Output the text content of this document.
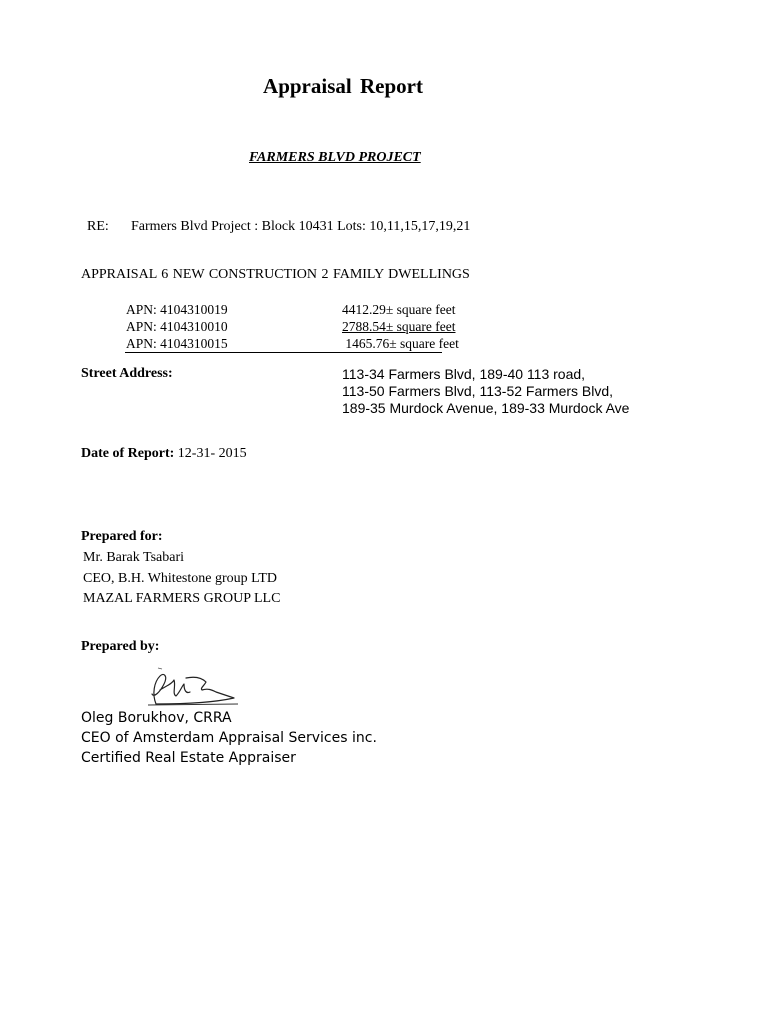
Appraisal Report
FARMERS BLVD PROJECT
RE: Farmers Blvd Project : Block 10431 Lots: 10,11,15,17,19,21
APPRAISAL 6 NEW CONSTRUCTION 2 FAMILY DWELLINGS
APN: 4104310019	4412.29± square feet
APN: 4104310010	2788.54± square feet
APN: 4104310015	1465.76± square feet
Street Address:	113-34 Farmers Blvd, 189-40 113 road,
113-50 Farmers Blvd, 113-52 Farmers Blvd,
189-35 Murdock Avenue, 189-33 Murdock Ave
Date of Report: 12-31- 2015
Prepared for:
Mr. Barak Tsabari
CEO, B.H. Whitestone group LTD
MAZAL FARMERS GROUP LLC
Prepared by:
Oleg Borukhov, CRRA
CEO of Amsterdam Appraisal Services inc.
Certified Real Estate Appraiser
